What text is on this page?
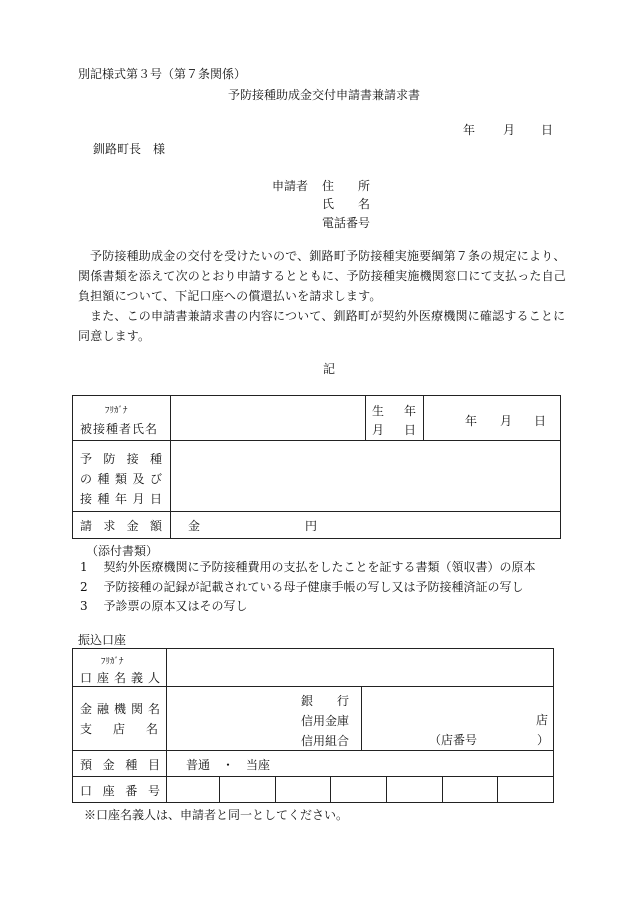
別記様式第３号（第７条関係）
予防接種助成金交付申請書兼請求書
年 月 日
釧路町長　様
申請者 住　　所
氏　　名
電話番号

予防接種助成金の交付を受けたいので、釧路町予防接種実施要綱第７条の規定により、関係書類を添えて次のとおり申請するとともに、予防接種実施機関窓口にて支払った自己負担額について、下記口座への償還払いを請求します。

また、この申請書兼請求書の内容について、釧路町が契約外医療機関に確認することに同意します。

記
ﾌﾘｶﾞﾅ
被接種者氏名
生 年
月 日
年 月 日
予防接種
の種類及び
接種年月日
請求金額 金	円
（添付書類）
1 契約外医療機関に予防接種費用の支払をしたことを証する書類（領収書）の原本
2 予防接種の記録が記載されている母子健康手帳の写し又は予防接種済証の写し
3 予診票の原本又はその写し
振込口座
ﾌﾘｶﾞﾅ
口座名義人
金融機関名
支店名
銀　　行
信用金庫
信用組合
店
（店番号　　　　　）
預金種目 普通　・　当座
口座番号
※口座名義人は、申請者と同一としてください。
